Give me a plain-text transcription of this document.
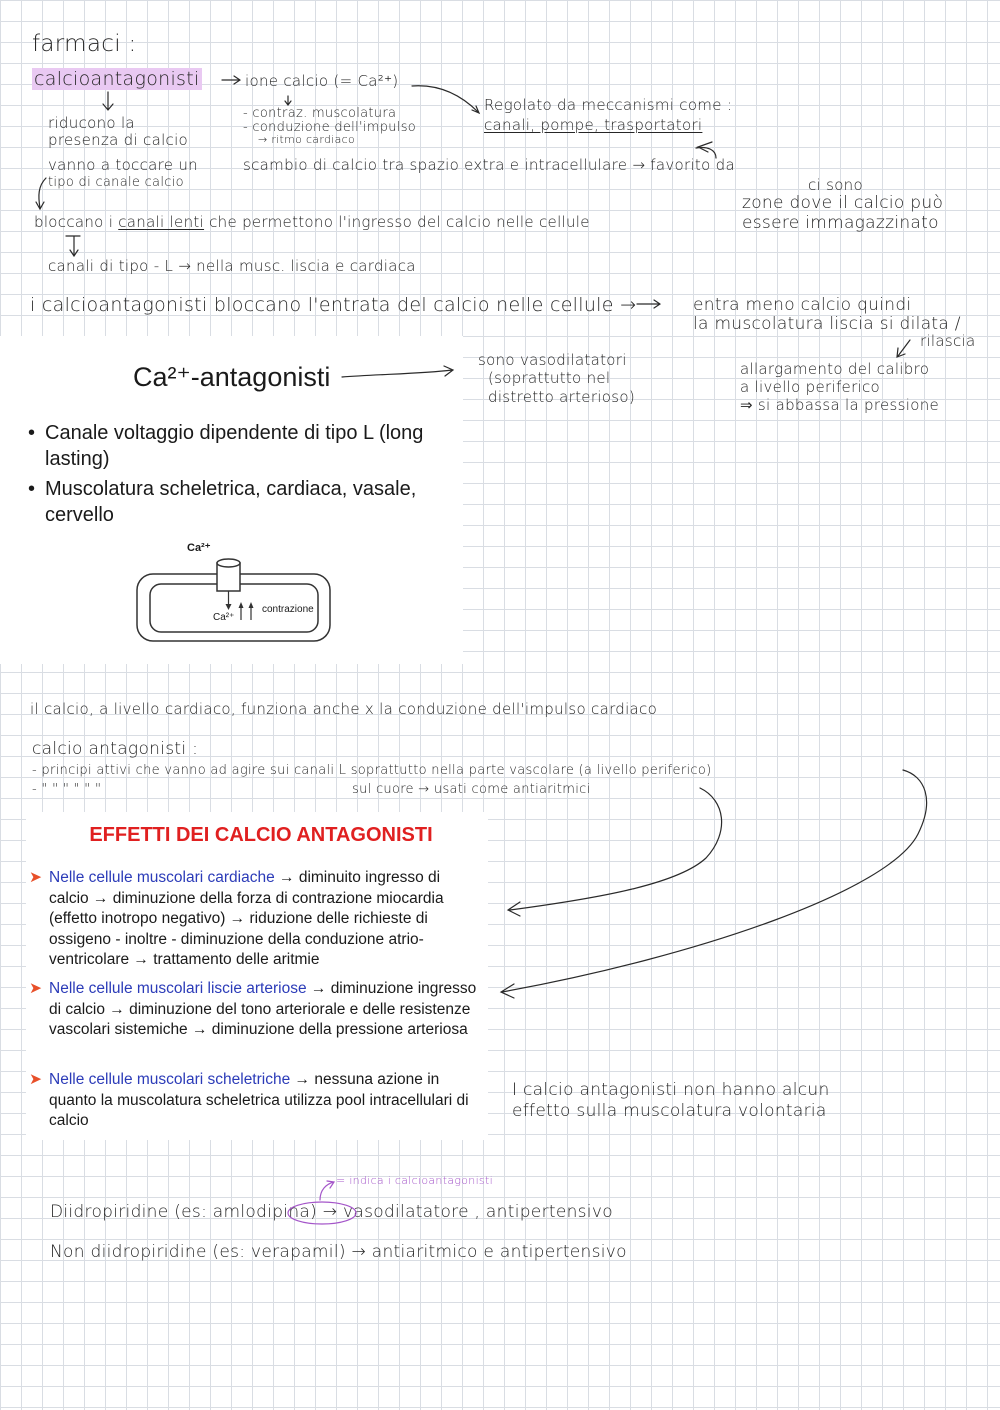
farmaci :
calcioantagonisti	ione calcio (= Ca²⁺)
- contraz. muscolatura
- conduzione dell'impulso
→ ritmo cardiaco
Regolato da meccanismi come :
canali, pompe, trasportatori
riducono la
presenza di calcio
vanno a toccare un
tipo di canale calcio
scambio di calcio tra spazio extra e intracellulare → favorito da
ci sono
zone dove il calcio può
essere immagazzinato
bloccano i canali lenti che permettono l'ingresso del calcio nelle cellule
canali di tipo - L → nella musc. liscia e cardiaca
i calcioantagonisti bloccano l'entrata del calcio nelle cellule →	entra meno calcio quindi
la muscolatura liscia si dilata /
rilascia
sono vasodilatatori
(soprattutto nel
distretto arterioso)
allargamento del calibro
a livello periferico
⇒ si abbassa la pressione
Ca²⁺-antagonisti
• Canale voltaggio dipendente di tipo L (long lasting)
• Muscolatura scheletrica, cardiaca, vasale, cervello
Ca²⁺
Ca²⁺
contrazione
il calcio, a livello cardiaco, funziona anche x la conduzione dell'impulso cardiaco
calcio antagonisti :
- principi attivi che vanno ad agire sui canali L soprattutto nella parte vascolare (a livello periferico)
- " " " " " "	sul cuore → usati come antiaritmici
EFFETTI DEI CALCIO ANTAGONISTI
➤ Nelle cellule muscolari cardiache → diminuito ingresso di calcio → diminuzione della forza di contrazione miocardia (effetto inotropo negativo) → riduzione delle richieste di ossigeno - inoltre - diminuzione della conduzione atrio-ventricolare → trattamento delle aritmie
➤ Nelle cellule muscolari liscie arteriose → diminuzione ingresso di calcio → diminuzione del tono arteriorale e delle resistenze vascolari sistemiche → diminuzione della pressione arteriosa
➤ Nelle cellule muscolari scheletriche → nessuna azione in quanto la muscolatura scheletrica utilizza pool intracellulari di calcio
I calcio antagonisti non hanno alcun
effetto sulla muscolatura volontaria
= indica i calcioantagonisti
Diidropiridine (es: amlodipina) → vasodilatatore , antipertensivo
Non diidropiridine (es: verapamil) → antiaritmico e antipertensivo
